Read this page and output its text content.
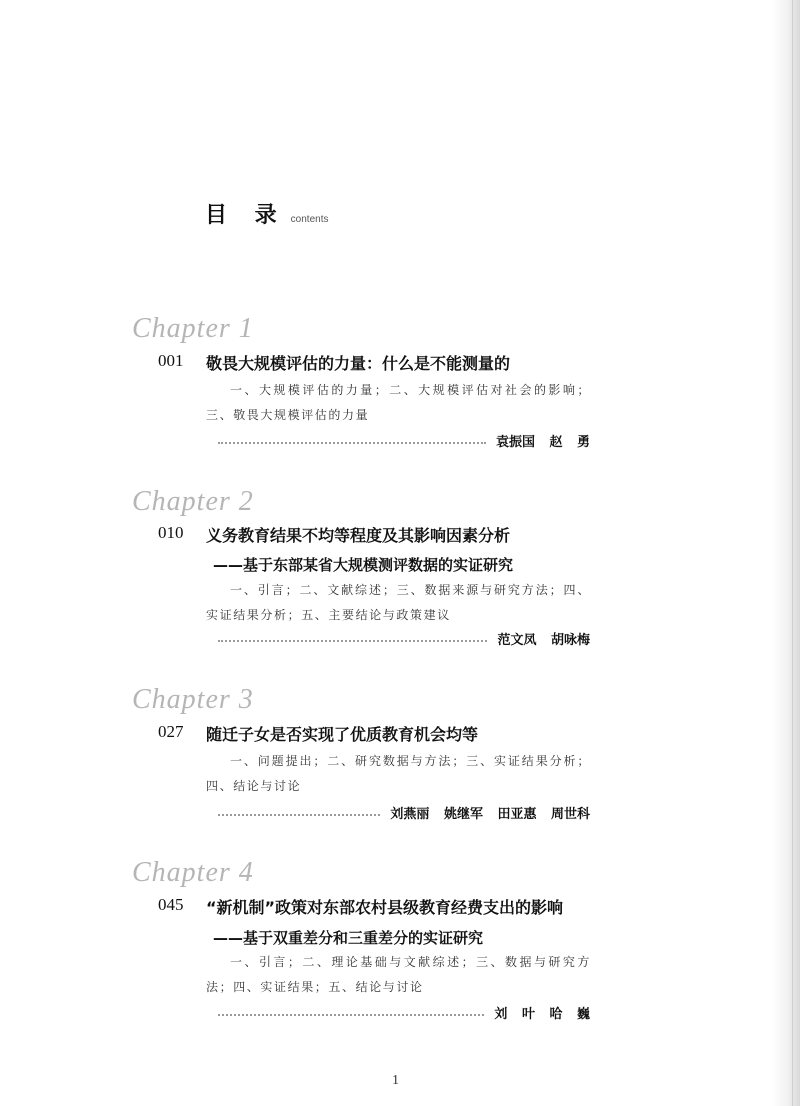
目 录 contents
Chapter 1
001 敬畏大规模评估的力量：什么是不能测量的
一、大规模评估的力量；二、大规模评估对社会的影响；三、敬畏大规模评估的力量
袁振国 赵 勇
Chapter 2
010 义务教育结果不均等程度及其影响因素分析
——基于东部某省大规模测评数据的实证研究
一、引言；二、文献综述；三、数据来源与研究方法；四、实证结果分析；五、主要结论与政策建议
范文凤 胡咏梅
Chapter 3
027 随迁子女是否实现了优质教育机会均等
一、问题提出；二、研究数据与方法；三、实证结果分析；四、结论与讨论
刘燕丽 姚继军 田亚惠 周世科
Chapter 4
045 “新机制”政策对东部农村县级教育经费支出的影响
——基于双重差分和三重差分的实证研究
一、引言；二、理论基础与文献综述；三、数据与研究方法；四、实证结果；五、结论与讨论
刘 叶 哈 巍
1
